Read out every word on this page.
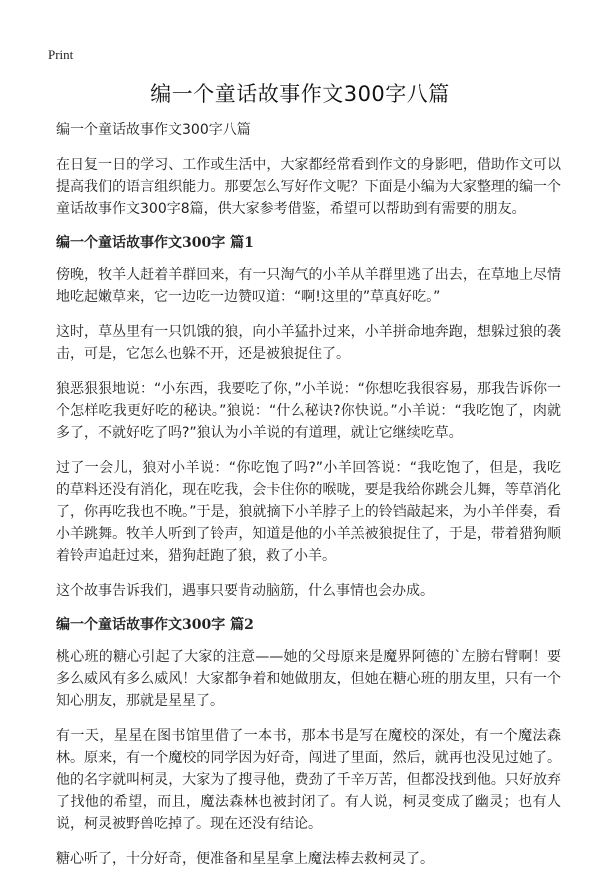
Print
编一个童话故事作文300字八篇
编一个童话故事作文300字八篇

在日复一日的学习、工作或生活中，大家都经常看到作文的身影吧，借助作文可以提高我们的语言组织能力。那要怎么写好作文呢？下面是小编为大家整理的编一个童话故事作文300字8篇，供大家参考借鉴，希望可以帮助到有需要的朋友。

编一个童话故事作文300字 篇1

傍晚，牧羊人赶着羊群回来，有一只淘气的小羊从羊群里逃了出去，在草地上尽情地吃起嫩草来，它一边吃一边赞叹道：“啊!这里的”草真好吃。”

这时，草丛里有一只饥饿的狼，向小羊猛扑过来，小羊拼命地奔跑，想躲过狼的袭击，可是，它怎么也躲不开，还是被狼捉住了。

狼恶狠狠地说：“小东西，我要吃了你，”小羊说：“你想吃我很容易，那我告诉你一个怎样吃我更好吃的秘诀。”狼说：“什么秘诀?你快说。”小羊说：“我吃饱了，肉就多了，不就好吃了吗?”狼认为小羊说的有道理，就让它继续吃草。

过了一会儿，狼对小羊说：“你吃饱了吗?”小羊回答说：“我吃饱了，但是，我吃的草料还没有消化，现在吃我，会卡住你的喉咙，要是我给你跳会儿舞，等草消化了，你再吃我也不晚。”于是，狼就摘下小羊脖子上的铃铛敲起来，为小羊伴奏，看小羊跳舞。牧羊人听到了铃声，知道是他的小羊羔被狼捉住了，于是，带着猎狗顺着铃声追赶过来，猎狗赶跑了狼，救了小羊。

这个故事告诉我们，遇事只要肯动脑筋，什么事情也会办成。

编一个童话故事作文300字 篇2

桃心班的糖心引起了大家的注意——她的父母原来是魔界阿德的`左膀右臂啊！要多么威风有多么威风！大家都争着和她做朋友，但她在糖心班的朋友里，只有一个知心朋友，那就是星星了。

有一天，星星在图书馆里借了一本书，那本书是写在魔校的深处，有一个魔法森林。原来，有一个魔校的同学因为好奇，闯进了里面，然后，就再也没见过她了。他的名字就叫柯灵，大家为了搜寻他，费劲了千辛万苦，但都没找到他。只好放弃了找他的希望，而且，魔法森林也被封闭了。有人说，柯灵变成了幽灵；也有人说，柯灵被野兽吃掉了。现在还没有结论。

糖心听了，十分好奇，便准备和星星拿上魔法棒去救柯灵了。
